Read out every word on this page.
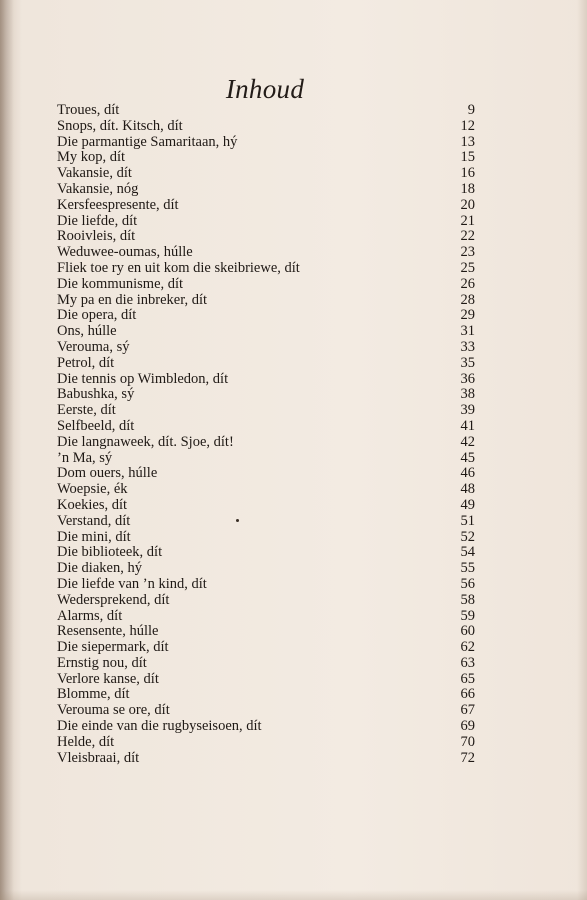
Inhoud
Troues, dít	9
Snops, dít. Kitsch, dít	12
Die parmantige Samaritaan, hý	13
My kop, dít	15
Vakansie, dít	16
Vakansie, nóg	18
Kersfeespresente, dít	20
Die liefde, dít	21
Rooivleis, dít	22
Weduwee-oumas, húlle	23
Fliek toe ry en uit kom die skeibriewe, dít	25
Die kommunisme, dít	26
My pa en die inbreker, dít	28
Die opera, dít	29
Ons, húlle	31
Verouma, sý	33
Petrol, dít	35
Die tennis op Wimbledon, dít	36
Babushka, sý	38
Eerste, dít	39
Selfbeeld, dít	41
Die langnaweek, dít. Sjoe, dít!	42
’n Ma, sý	45
Dom ouers, húlle	46
Woepsie, ék	48
Koekies, dít	49
Verstand, dít	51
Die mini, dít	52
Die biblioteek, dít	54
Die diaken, hý	55
Die liefde van ’n kind, dít	56
Wedersprekend, dít	58
Alarms, dít	59
Resensente, húlle	60
Die siepermark, dít	62
Ernstig nou, dít	63
Verlore kanse, dít	65
Blomme, dít	66
Verouma se ore, dít	67
Die einde van die rugbyseisoen, dít	69
Helde, dít	70
Vleisbraai, dít	72
